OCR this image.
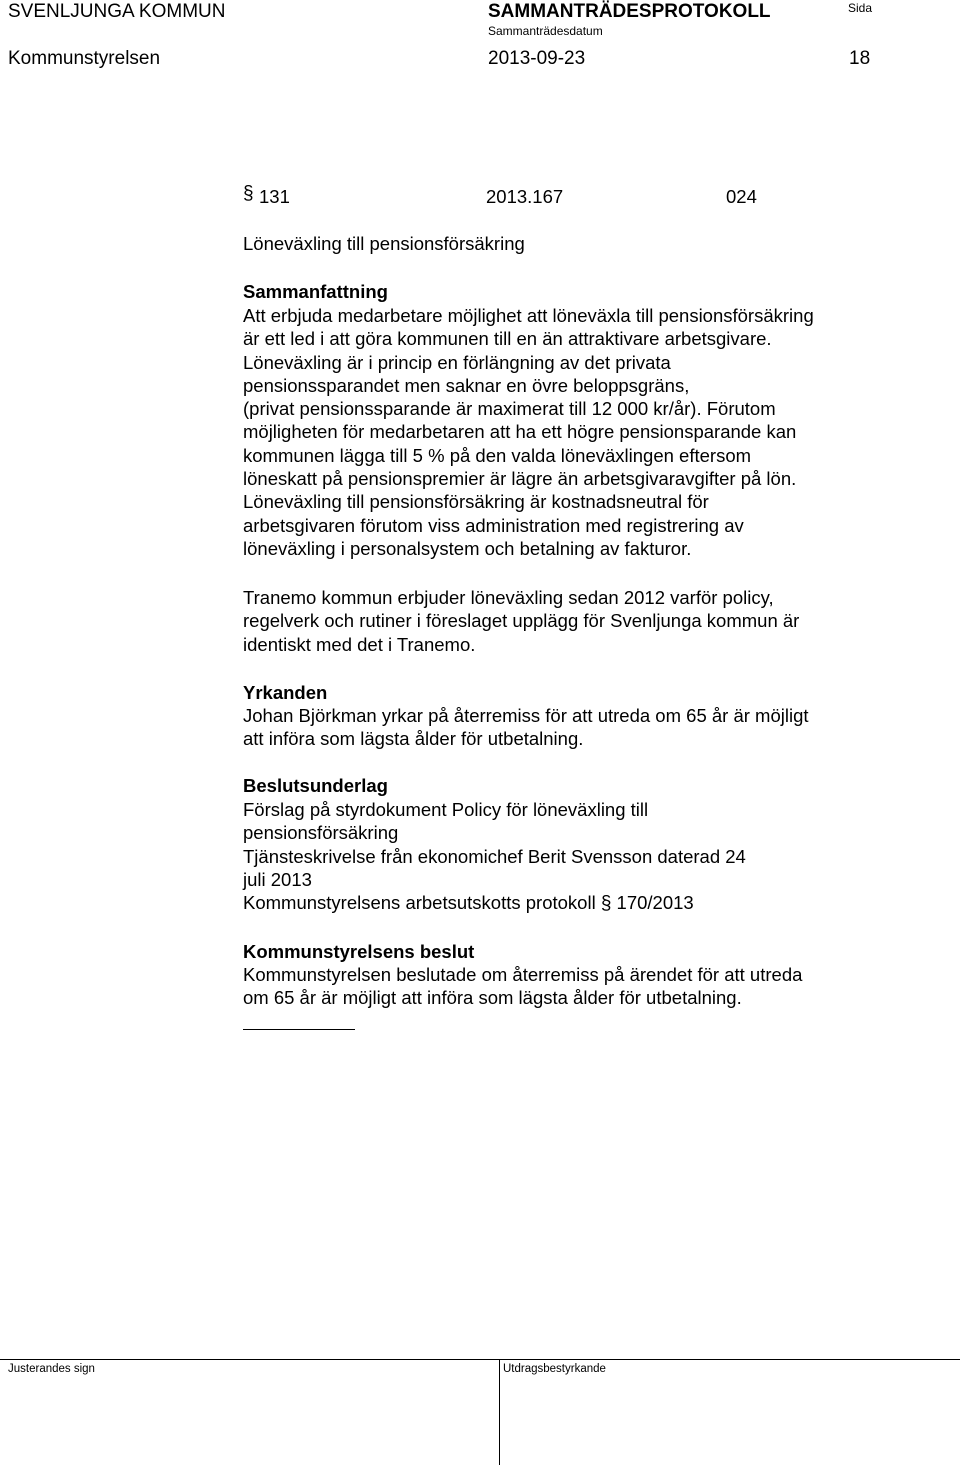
SVENLJUNGA KOMMUN	SAMMANTRÄDESPROTOKOLL	Sida
Sammanträdesdatum
Kommunstyrelsen	2013-09-23	18
§ 131	2013.167	024
Löneväxling till pensionsförsäkring
Sammanfattning
Att erbjuda medarbetare möjlighet att löneväxla till pensionsförsäkring
är ett led i att göra kommunen till en än attraktivare arbetsgivare.
Löneväxling är i princip en förlängning av det privata
pensionssparandet men saknar en övre beloppsgräns,
(privat pensionssparande är maximerat till 12 000 kr/år). Förutom
möjligheten för medarbetaren att ha ett högre pensionsparande kan
kommunen lägga till 5 % på den valda löneväxlingen eftersom
löneskatt på pensionspremier är lägre än arbetsgivaravgifter på lön.
Löneväxling till pensionsförsäkring är kostnadsneutral för
arbetsgivaren förutom viss administration med registrering av
löneväxling i personalsystem och betalning av fakturor.
Tranemo kommun erbjuder löneväxling sedan 2012 varför policy,
regelverk och rutiner i föreslaget upplägg för Svenljunga kommun är
identiskt med det i Tranemo.
Yrkanden
Johan Björkman yrkar på återremiss för att utreda om 65 år är möjligt
att införa som lägsta ålder för utbetalning.
Beslutsunderlag
Förslag på styrdokument Policy för löneväxling till
pensionsförsäkring
Tjänsteskrivelse från ekonomichef Berit Svensson daterad 24
juli 2013
Kommunstyrelsens arbetsutskotts protokoll § 170/2013
Kommunstyrelsens beslut
Kommunstyrelsen beslutade om återremiss på ärendet för att utreda
om 65 år är möjligt att införa som lägsta ålder för utbetalning.
Justerandes sign	Utdragsbestyrkande
